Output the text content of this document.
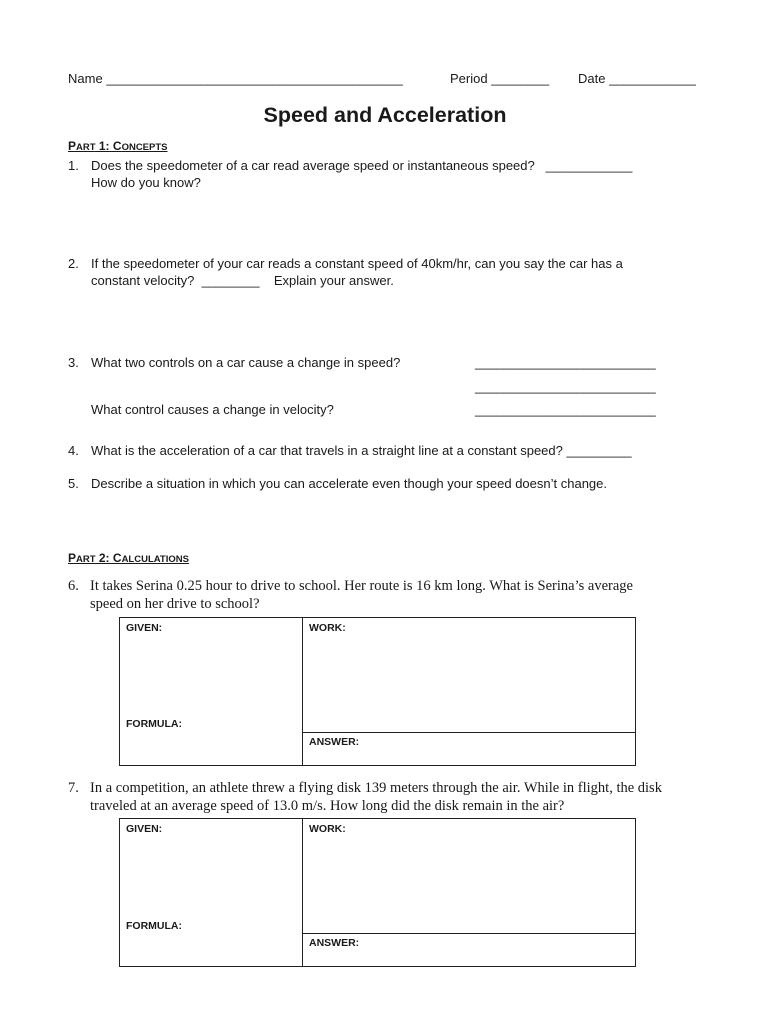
Name _________________________________________	Period ________ Date ____________
Speed and Acceleration
PART 1: CONCEPTS
1. Does the speedometer of a car read average speed or instantaneous speed? ____________
How do you know?
2. If the speedometer of your car reads a constant speed of 40km/hr, can you say the car has a
constant velocity? ________ Explain your answer.
3. What two controls on a car cause a change in speed?	_________________________
_________________________
What control causes a change in velocity?	_________________________
4. What is the acceleration of a car that travels in a straight line at a constant speed? _________
5. Describe a situation in which you can accelerate even though your speed doesn’t change.
PART 2: CALCULATIONS
6. It takes Serina 0.25 hour to drive to school. Her route is 16 km long. What is Serina’s average
speed on her drive to school?
GIVEN:	WORK:
FORMULA:
ANSWER:
7. In a competition, an athlete threw a flying disk 139 meters through the air. While in flight, the disk
traveled at an average speed of 13.0 m/s. How long did the disk remain in the air?
GIVEN:	WORK:
FORMULA:
ANSWER:
